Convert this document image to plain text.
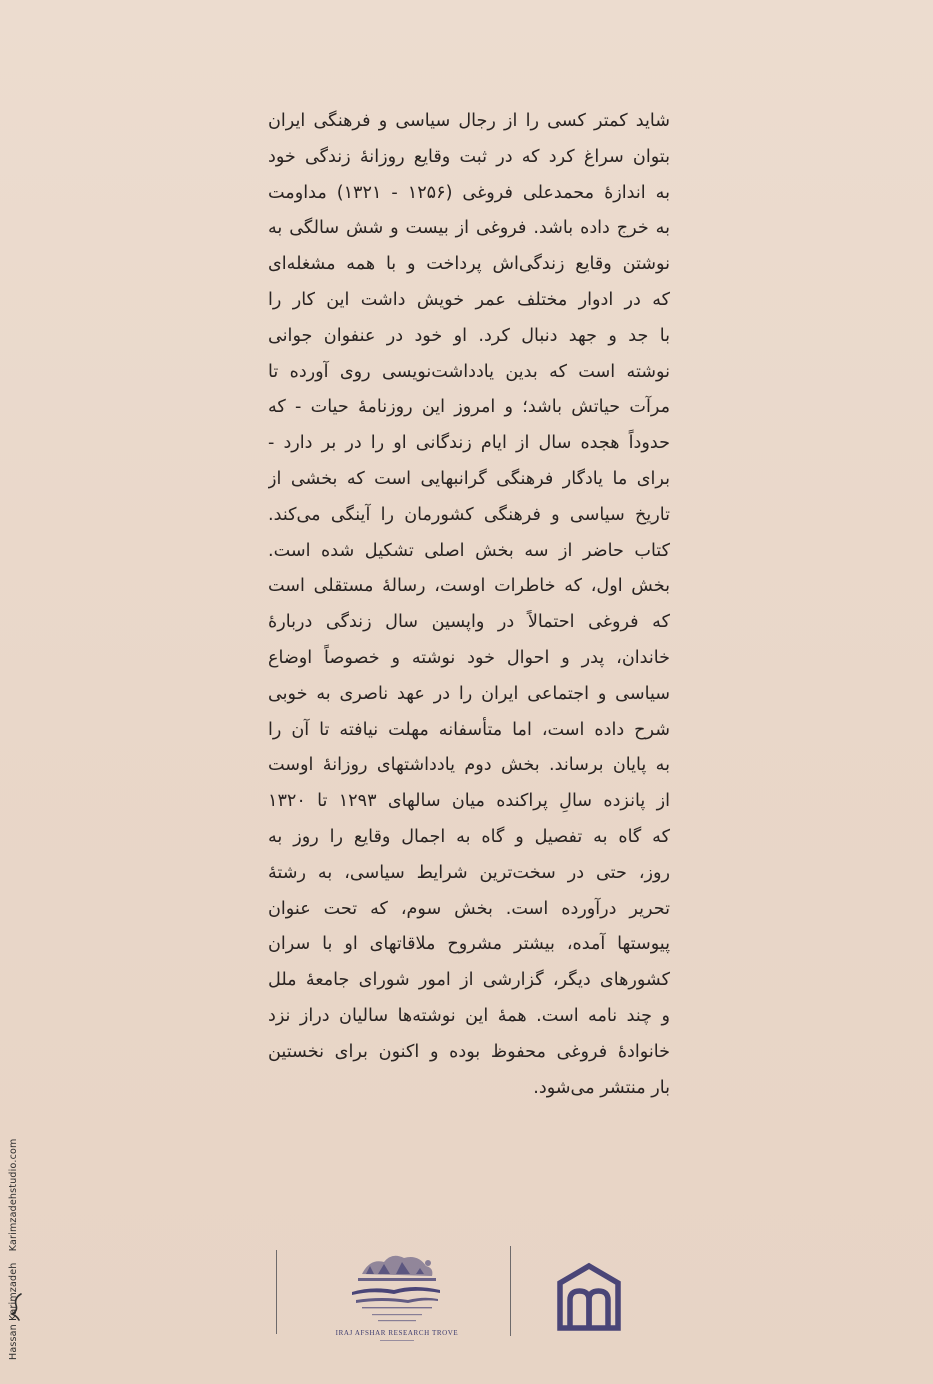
شاید کمتر کسی را از رجال سیاسی و فرهنگی ایران
بتوان سراغ کرد که در ثبت وقایع روزانهٔ زندگی خود
به اندازهٔ محمدعلی فروغی (۱۲۵۶ - ۱۳۲۱) مداومت
به خرج داده باشد. فروغی از بیست و شش سالگی به
نوشتن وقایع زندگی‌اش پرداخت و با همه مشغله‌ای
که در ادوار مختلف عمر خویش داشت این کار را
با جد و جهد دنبال کرد. او خود در عنفوان جوانی
نوشته است که بدین یادداشت‌نویسی روی آورده تا
مرآت حیاتش باشد؛ و امروز این روزنامهٔ حیات - که
حدوداً هجده سال از ایام زندگانی او را در بر دارد -
برای ما یادگار فرهنگی گرانبهایی است که بخشی از
تاریخ سیاسی و فرهنگی کشورمان را آینگی می‌کند.
کتاب حاضر از سه بخش اصلی تشکیل شده است.
بخش اول، که خاطرات اوست، رسالهٔ مستقلی است
که فروغی احتمالاً در واپسین سال زندگی دربارهٔ
خاندان، پدر و احوال خود نوشته و خصوصاً اوضاع
سیاسی و اجتماعی ایران را در عهد ناصری به خوبی
شرح داده است، اما متأسفانه مهلت نیافته تا آن را
به پایان برساند. بخش دوم یادداشتهای روزانهٔ اوست
از پانزده سالِ پراکنده میان سالهای ۱۲۹۳ تا ۱۳۲۰
که گاه به تفصیل و گاه به اجمال وقایع را روز به
روز، حتی در سخت‌ترین شرایط سیاسی، به رشتهٔ
تحریر درآورده است. بخش سوم، که تحت عنوان
پیوستها آمده، بیشتر مشروح ملاقاتهای او با سران
کشورهای دیگر، گزارشی از امور شورای جامعهٔ ملل
و چند نامه است. همهٔ این نوشته‌ها سالیان دراز نزد
خانوادهٔ فروغی محفوظ بوده و اکنون برای نخستین
بار منتشر می‌شود.
IRAJ AFSHAR RESEARCH TROVE
Hassan Karimzadeh Karimzadehstudio.com
